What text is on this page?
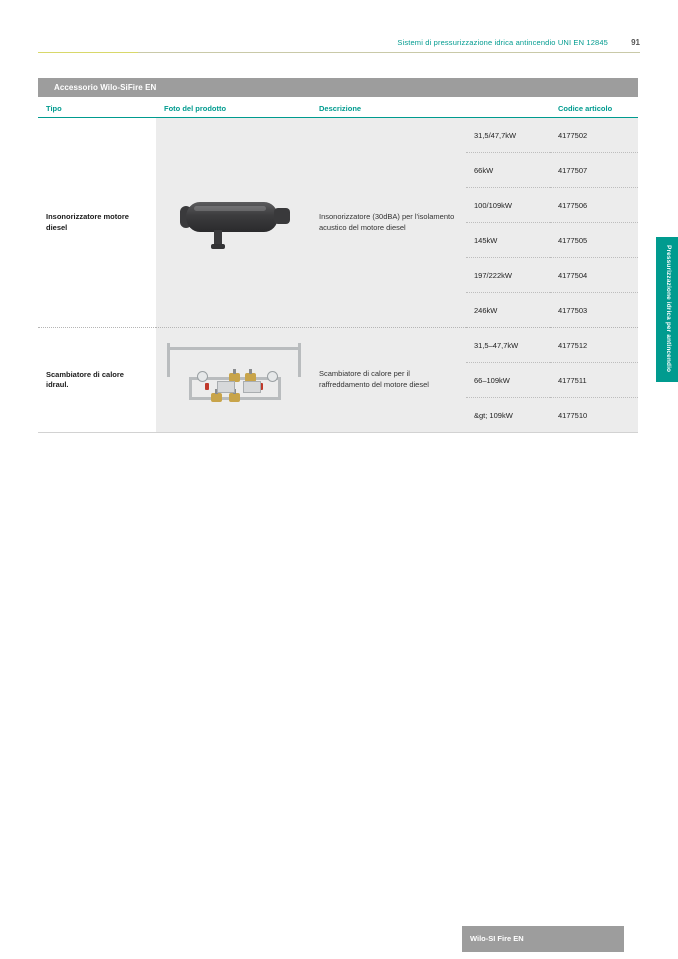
Sistemi di pressurizzazione idrica antincendio UNI EN 12845	91
Accessorio Wilo-SiFire EN
Tipo	Foto del prodotto	Descrizione		Codice articolo
Insonorizzatore motore diesel		Insonorizzatore (30dBA) per l'isolamento acustico del motore diesel	31,5/47,7kW	4177502
			66kW	4177507
			100/109kW	4177506
			145kW	4177505
			197/222kW	4177504
			246kW	4177503
Scambiatore di calore idraul.		Scambiatore di calore per il raffreddamento del motore diesel	31,5–47,7kW	4177512
			66–109kW	4177511
			&gt; 109kW	4177510
Pressurizzazione idrica per antincendio
Wilo-SI Fire EN
